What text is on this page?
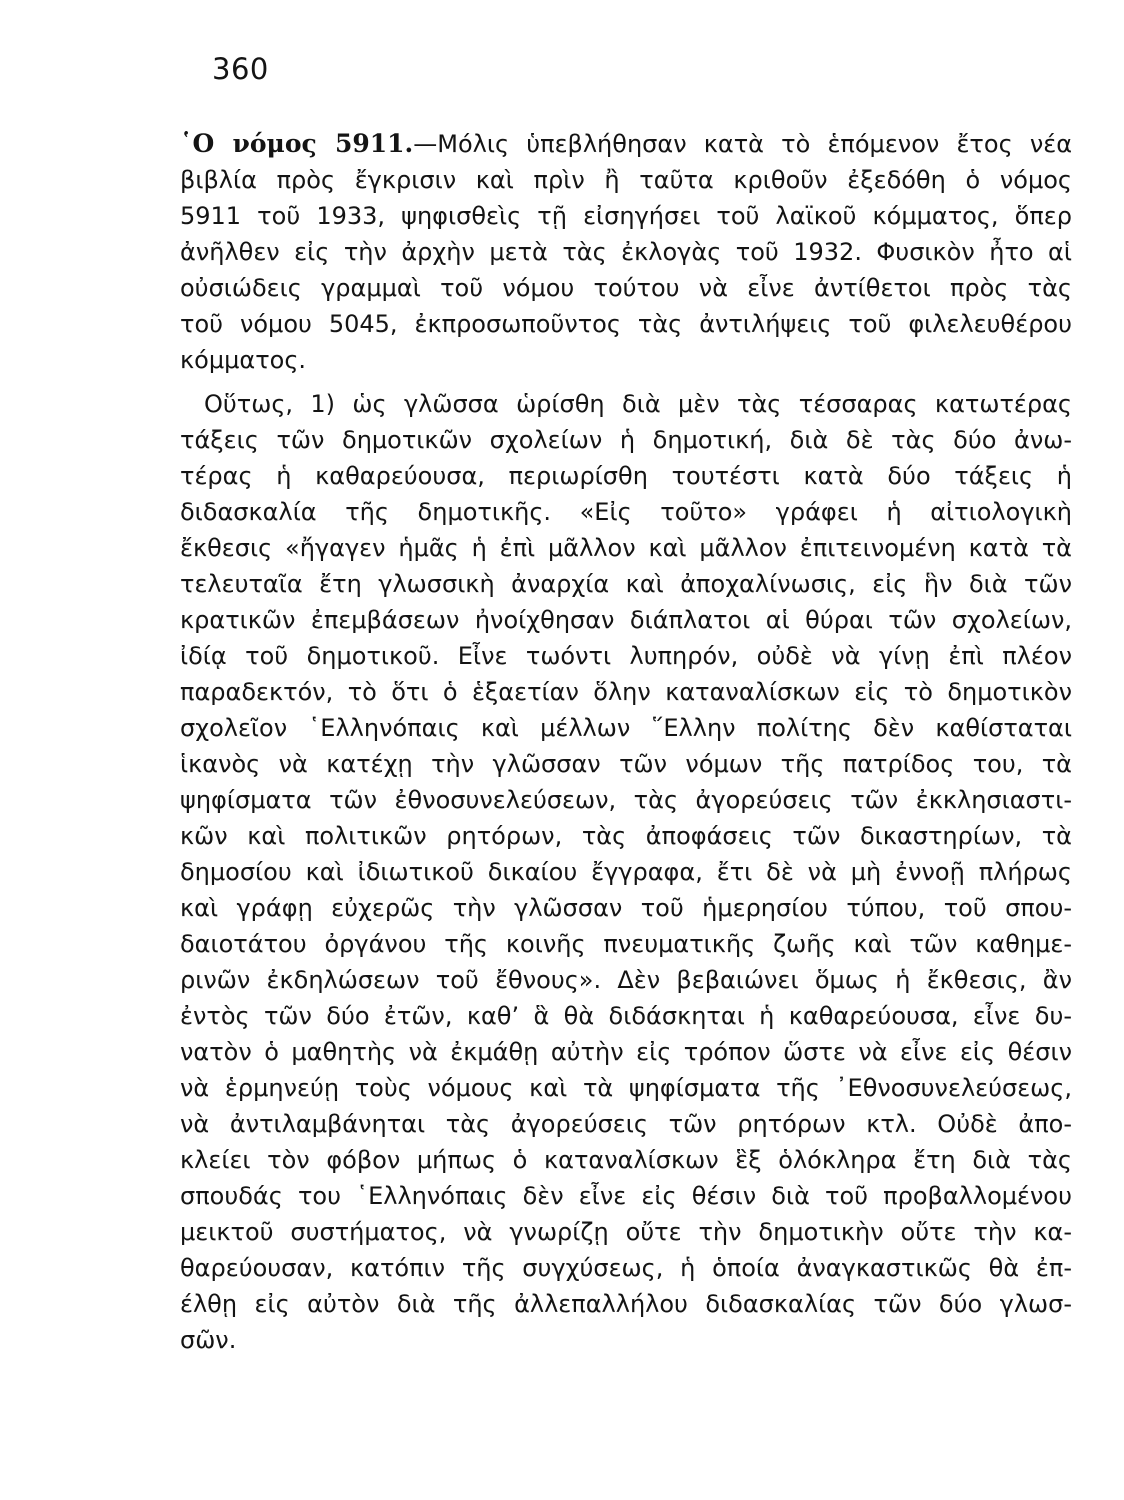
360
῾Ο νόμος 5911.—Μόλις ὑπεβλήθησαν κατὰ τὸ ἑπόμενον ἔτος νέα
βιβλία πρὸς ἔγκρισιν καὶ πρὶν ἢ ταῦτα κριθοῦν ἐξεδόθη ὁ νόμος
5911 τοῦ 1933, ψηφισθεὶς τῇ εἰσηγήσει τοῦ λαϊκοῦ κόμματος, ὅπερ
ἀνῆλθεν εἰς τὴν ἀρχὴν μετὰ τὰς ἐκλογὰς τοῦ 1932. Φυσικὸν ἦτο αἱ
οὐσιώδεις γραμμαὶ τοῦ νόμου τούτου νὰ εἶνε ἀντίθετοι πρὸς τὰς
τοῦ νόμου 5045, ἐκπροσωποῦντος τὰς ἀντιλήψεις τοῦ φιλελευθέρου
κόμματος.
Οὕτως, 1) ὡς γλῶσσα ὡρίσθη διὰ μὲν τὰς τέσσαρας κατωτέρας
τάξεις τῶν δημοτικῶν σχολείων ἡ δημοτική, διὰ δὲ τὰς δύο ἀνω-
τέρας ἡ καθαρεύουσα, περιωρίσθη τουτέστι κατὰ δύο τάξεις ἡ
διδασκαλία τῆς δημοτικῆς. «Εἰς τοῦτο» γράφει ἡ αἰτιολογικὴ
ἔκθεσις «ἤγαγεν ἡμᾶς ἡ ἐπὶ μᾶλλον καὶ μᾶλλον ἐπιτεινομένη κατὰ τὰ
τελευταῖα ἔτη γλωσσικὴ ἀναρχία καὶ ἀποχαλίνωσις, εἰς ἣν διὰ τῶν
κρατικῶν ἐπεμβάσεων ἠνοίχθησαν διάπλατοι αἱ θύραι τῶν σχολείων,
ἰδίᾳ τοῦ δημοτικοῦ. Εἶνε τωόντι λυπηρόν, οὐδὲ νὰ γίνῃ ἐπὶ πλέον
παραδεκτόν, τὸ ὅτι ὁ ἑξαετίαν ὅλην καταναλίσκων εἰς τὸ δημοτικὸν
σχολεῖον ῾Ελληνόπαις καὶ μέλλων ῞Ελλην πολίτης δὲν καθίσταται
ἱκανὸς νὰ κατέχῃ τὴν γλῶσσαν τῶν νόμων τῆς πατρίδος του, τὰ
ψηφίσματα τῶν ἐθνοσυνελεύσεων, τὰς ἀγορεύσεις τῶν ἐκκλησιαστι-
κῶν καὶ πολιτικῶν ρητόρων, τὰς ἀποφάσεις τῶν δικαστηρίων, τὰ
δημοσίου καὶ ἰδιωτικοῦ δικαίου ἔγγραφα, ἔτι δὲ νὰ μὴ ἐννοῇ πλήρως
καὶ γράφῃ εὐχερῶς τὴν γλῶσσαν τοῦ ἡμερησίου τύπου, τοῦ σπου-
δαιοτάτου ὀργάνου τῆς κοινῆς πνευματικῆς ζωῆς καὶ τῶν καθημε-
ρινῶν ἐκδηλώσεων τοῦ ἔθνους». Δὲν βεβαιώνει ὅμως ἡ ἔκθεσις, ἂν
ἐντὸς τῶν δύο ἐτῶν, καθ’ ἃ θὰ διδάσκηται ἡ καθαρεύουσα, εἶνε δυ-
νατὸν ὁ μαθητὴς νὰ ἐκμάθῃ αὐτὴν εἰς τρόπον ὥστε νὰ εἶνε εἰς θέσιν
νὰ ἑρμηνεύῃ τοὺς νόμους καὶ τὰ ψηφίσματα τῆς ᾿Εθνοσυνελεύσεως,
νὰ ἀντιλαμβάνηται τὰς ἀγορεύσεις τῶν ρητόρων κτλ. Οὐδὲ ἀπο-
κλείει τὸν φόβον μήπως ὁ καταναλίσκων ἓξ ὁλόκληρα ἔτη διὰ τὰς
σπουδάς του ῾Ελληνόπαις δὲν εἶνε εἰς θέσιν διὰ τοῦ προβαλλομένου
μεικτοῦ συστήματος, νὰ γνωρίζῃ οὔτε τὴν δημοτικὴν οὔτε τὴν κα-
θαρεύουσαν, κατόπιν τῆς συγχύσεως, ἡ ὁποία ἀναγκαστικῶς θὰ ἐπ-
έλθῃ εἰς αὐτὸν διὰ τῆς ἀλλεπαλλήλου διδασκαλίας τῶν δύο γλωσ-
σῶν.
